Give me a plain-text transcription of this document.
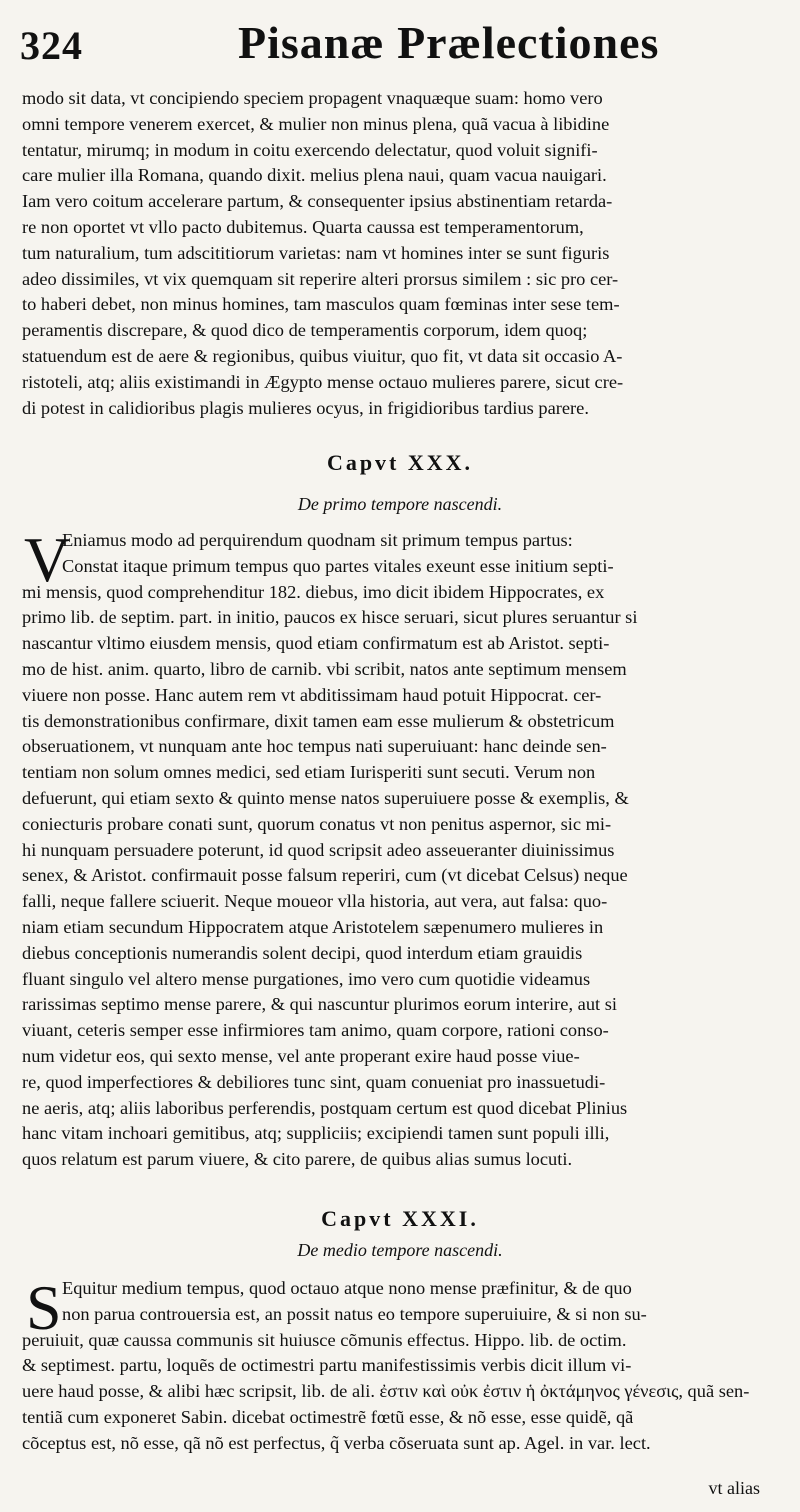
324	Pisanæ Prælectiones
modo sit data, vt concipiendo speciem propagent vnaquæque suam: homo vero
omni tempore venerem exercet, & mulier non minus plena, quã vacua à libidine
tentatur, mirumq; in modum in coitu exercendo delectatur, quod voluit signifi-
care mulier illa Romana, quando dixit. melius plena naui, quam vacua nauigari.
Iam vero coitum accelerare partum, & consequenter ipsius abstinentiam retarda-
re non oportet vt vllo pacto dubitemus. Quarta caussa est temperamentorum,
tum naturalium, tum adscititiorum varietas: nam vt homines inter se sunt figuris
adeo dissimiles, vt vix quemquam sit reperire alteri prorsus similem : sic pro cer-
to haberi debet, non minus homines, tam masculos quam fœminas inter sese tem-
peramentis discrepare, & quod dico de temperamentis corporum, idem quoq;
statuendum est de aere & regionibus, quibus viuitur, quo fit, vt data sit occasio A-
ristoteli, atq; aliis existimandi in Ægypto mense octauo mulieres parere, sicut cre-
di potest in calidioribus plagis mulieres ocyus, in frigidioribus tardius parere.
Capvt XXX.
De primo tempore nascendi.
V
Eniamus modo ad perquirendum quodnam sit primum tempus partus:
Constat itaque primum tempus quo partes vitales exeunt esse initium septi-
mi mensis, quod comprehenditur 182. diebus, imo dicit ibidem Hippocrates, ex
primo lib. de septim. part. in initio, paucos ex hisce seruari, sicut plures seruantur si
nascantur vltimo eiusdem mensis, quod etiam confirmatum est ab Aristot. septi-
mo de hist. anim. quarto, libro de carnib. vbi scribit, natos ante septimum mensem
viuere non posse. Hanc autem rem vt abditissimam haud potuit Hippocrat. cer-
tis demonstrationibus confirmare, dixit tamen eam esse mulierum & obstetricum
obseruationem, vt nunquam ante hoc tempus nati superuiuant: hanc deinde sen-
tentiam non solum omnes medici, sed etiam Iurisperiti sunt secuti. Verum non
defuerunt, qui etiam sexto & quinto mense natos superuiuere posse & exemplis, &
coniecturis probare conati sunt, quorum conatus vt non penitus aspernor, sic mi-
hi nunquam persuadere poterunt, id quod scripsit adeo asseueranter diuinissimus
senex, & Aristot. confirmauit posse falsum reperiri, cum (vt dicebat Celsus) neque
falli, neque fallere sciuerit. Neque moueor vlla historia, aut vera, aut falsa: quo-
niam etiam secundum Hippocratem atque Aristotelem sæpenumero mulieres in
diebus conceptionis numerandis solent decipi, quod interdum etiam grauidis
fluant singulo vel altero mense purgationes, imo vero cum quotidie videamus
rarissimas septimo mense parere, & qui nascuntur plurimos eorum interire, aut si
viuant, ceteris semper esse infirmiores tam animo, quam corpore, rationi conso-
num videtur eos, qui sexto mense, vel ante properant exire haud posse viue-
re, quod imperfectiores & debiliores tunc sint, quam conueniat pro inassuetudi-
ne aeris, atq; aliis laboribus perferendis, postquam certum est quod dicebat Plinius
hanc vitam inchoari gemitibus, atq; suppliciis; excipiendi tamen sunt populi illi,
quos relatum est parum viuere, & cito parere, de quibus alias sumus locuti.
Capvt XXXI.
De medio tempore nascendi.
S Equitur medium tempus, quod octauo atque nono mense præfinitur, & de quo
non parua controuersia est, an possit natus eo tempore superuiuire, & si non su-
peruiuit, quæ caussa communis sit huiusce cõmunis effectus. Hippo. lib. de octim.
& septimest. partu, loquẽs de octimestri partu manifestissimis verbis dicit illum vi-
uere haud posse, & alibi hæc scripsit, lib. de ali. ἐστιν καὶ οὐκ ἐστιν ἡ ὀκτάμηνος γένεσις, quã sen-
tentiã cum exponeret Sabin. dicebat octimestrẽ fœtũ esse, & nõ esse, esse quidẽ, qã
cõceptus est, nõ esse, qã nõ est perfectus, q̃ verba cõseruata sunt ap. Agel. in var. lect.
vt alias
